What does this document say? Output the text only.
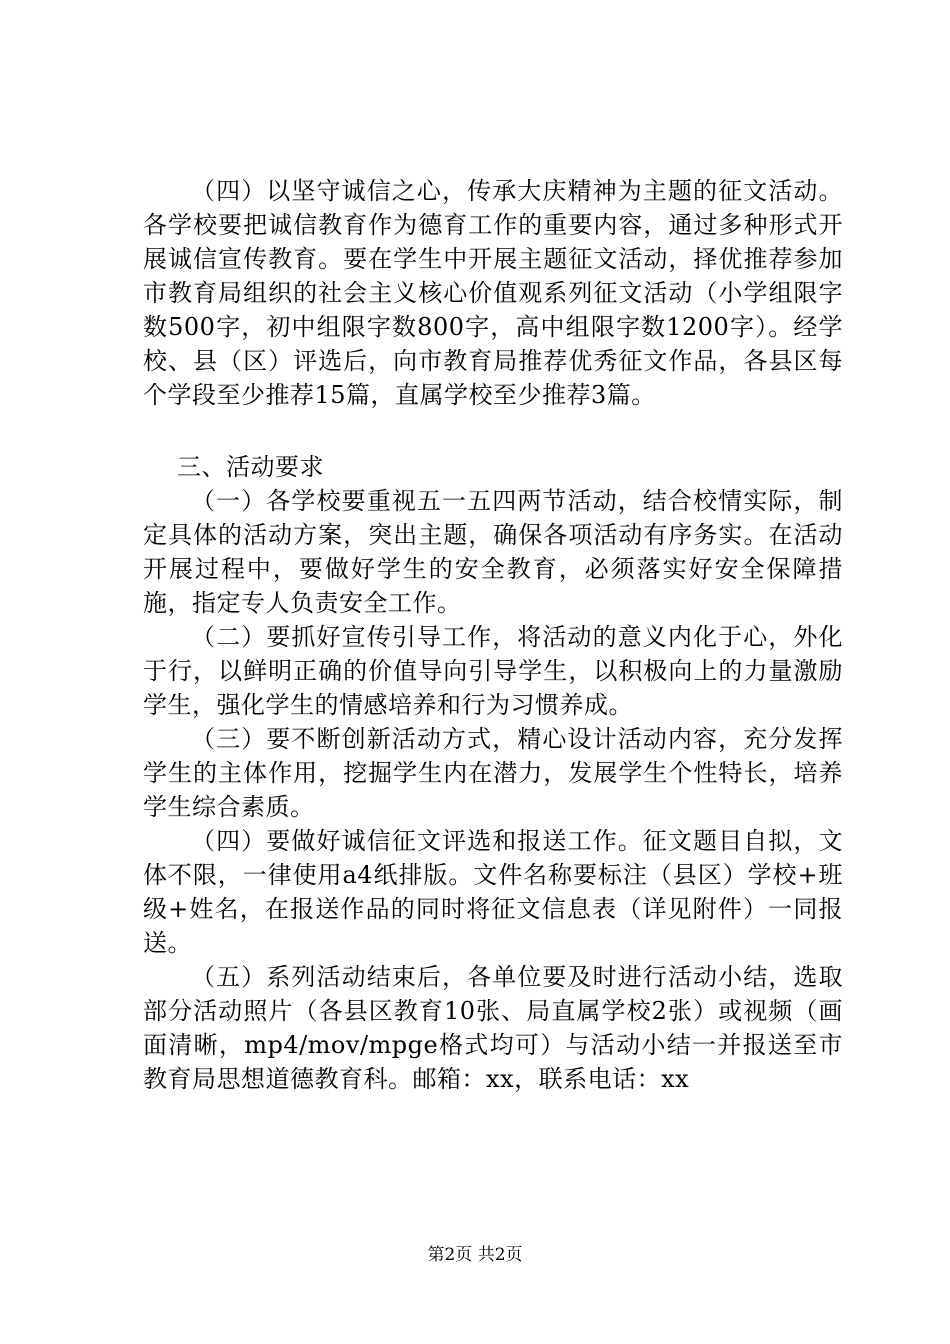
（四）以坚守诚信之心，传承大庆精神为主题的征文活动。各学校要把诚信教育作为德育工作的重要内容，通过多种形式开展诚信宣传教育。要在学生中开展主题征文活动，择优推荐参加市教育局组织的社会主义核心价值观系列征文活动（小学组限字数500字，初中组限字数800字，高中组限字数1200字）。经学校、县（区）评选后，向市教育局推荐优秀征文作品，各县区每个学段至少推荐15篇，直属学校至少推荐3篇。

三、活动要求

（一）各学校要重视五一五四两节活动，结合校情实际，制定具体的活动方案，突出主题，确保各项活动有序务实。在活动开展过程中，要做好学生的安全教育，必须落实好安全保障措施，指定专人负责安全工作。

（二）要抓好宣传引导工作，将活动的意义内化于心，外化于行，以鲜明正确的价值导向引导学生，以积极向上的力量激励学生，强化学生的情感培养和行为习惯养成。

（三）要不断创新活动方式，精心设计活动内容，充分发挥学生的主体作用，挖掘学生内在潜力，发展学生个性特长，培养学生综合素质。

（四）要做好诚信征文评选和报送工作。征文题目自拟，文体不限，一律使用a4纸排版。文件名称要标注（县区）学校+班级+姓名，在报送作品的同时将征文信息表（详见附件）一同报送。

（五）系列活动结束后，各单位要及时进行活动小结，选取部分活动照片（各县区教育10张、局直属学校2张）或视频（画面清晰，mp4/mov/mpge格式均可）与活动小结一并报送至市教育局思想道德教育科。邮箱：xx，联系电话：xx

第2页 共2页
